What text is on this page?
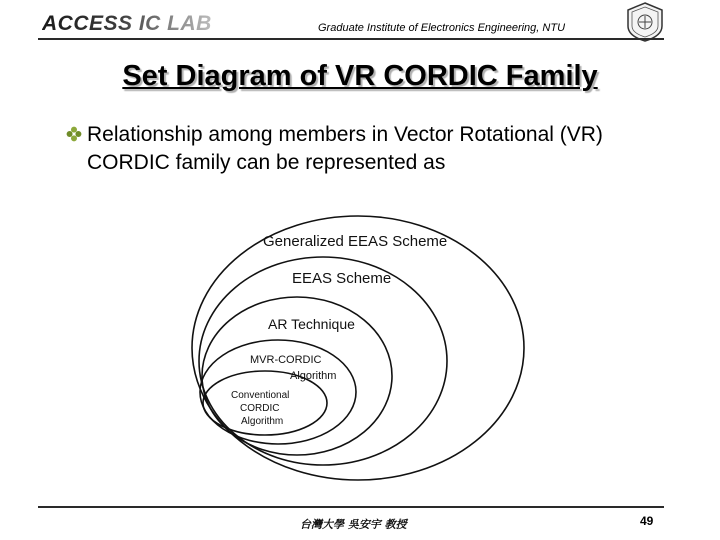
ACCESS IC LAB	Graduate Institute of Electronics Engineering, NTU
Set Diagram of VR CORDIC Family
Relationship among members in Vector Rotational (VR) CORDIC family can be represented as
Generalized EEAS Scheme
EEAS Scheme
AR Technique
MVR-CORDIC
Algorithm
Conventional
CORDIC
Algorithm
台灣大學 吳安宇 教授	49
